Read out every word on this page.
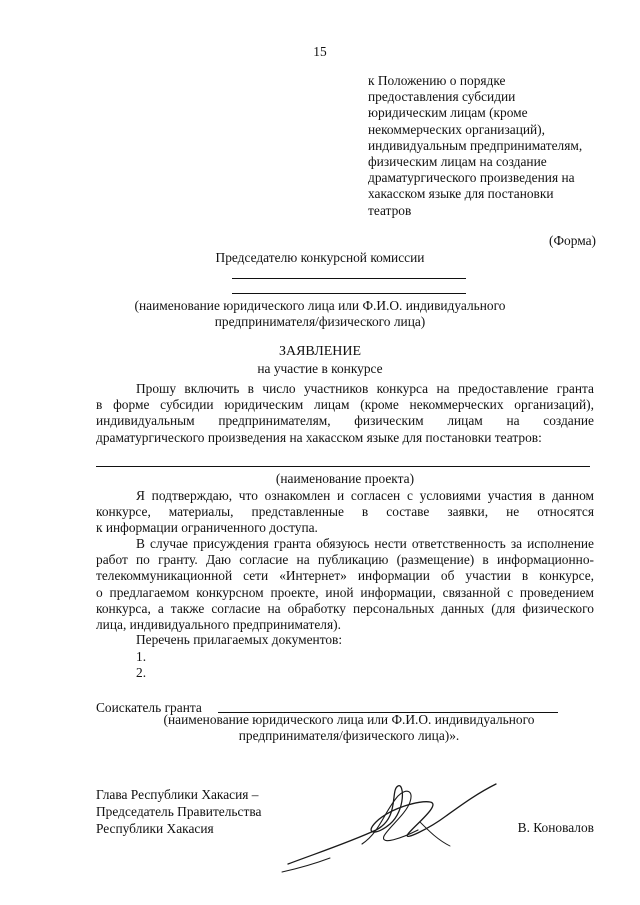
15
к Положению о порядке
предоставления субсидии
юридическим лицам (кроме
некоммерческих организаций),
индивидуальным предпринимателям,
физическим лицам на создание
драматургического произведения на
хакасском языке для постановки
театров
(Форма)
Председателю конкурсной комиссии
(наименование юридического лица или Ф.И.О. индивидуального
предпринимателя/физического лица)
ЗАЯВЛЕНИЕ
на участие в конкурсе
Прошу включить в число участников конкурса на предоставление гранта
в форме субсидии юридическим лицам (кроме некоммерческих организаций),
индивидуальным предпринимателям, физическим лицам на создание
драматургического произведения на хакасском языке для постановки театров:
(наименование проекта)
Я подтверждаю, что ознакомлен и согласен с условиями участия в данном
конкурсе, материалы, представленные в составе заявки, не относятся
к информации ограниченного доступа.
В случае присуждения гранта обязуюсь нести ответственность за исполнение
работ по гранту. Даю согласие на публикацию (размещение) в информационно-
телекоммуникационной сети «Интернет» информации об участии в конкурсе,
о предлагаемом конкурсном проекте, иной информации, связанной с проведением
конкурса, а также согласие на обработку персональных данных (для физического
лица, индивидуального предпринимателя).
Перечень прилагаемых документов:
1.
2.
Соискатель гранта
(наименование юридического лица или Ф.И.О. индивидуального
предпринимателя/физического лица)».
Глава Республики Хакасия –
Председатель Правительства
Республики Хакасия	В. Коновалов
